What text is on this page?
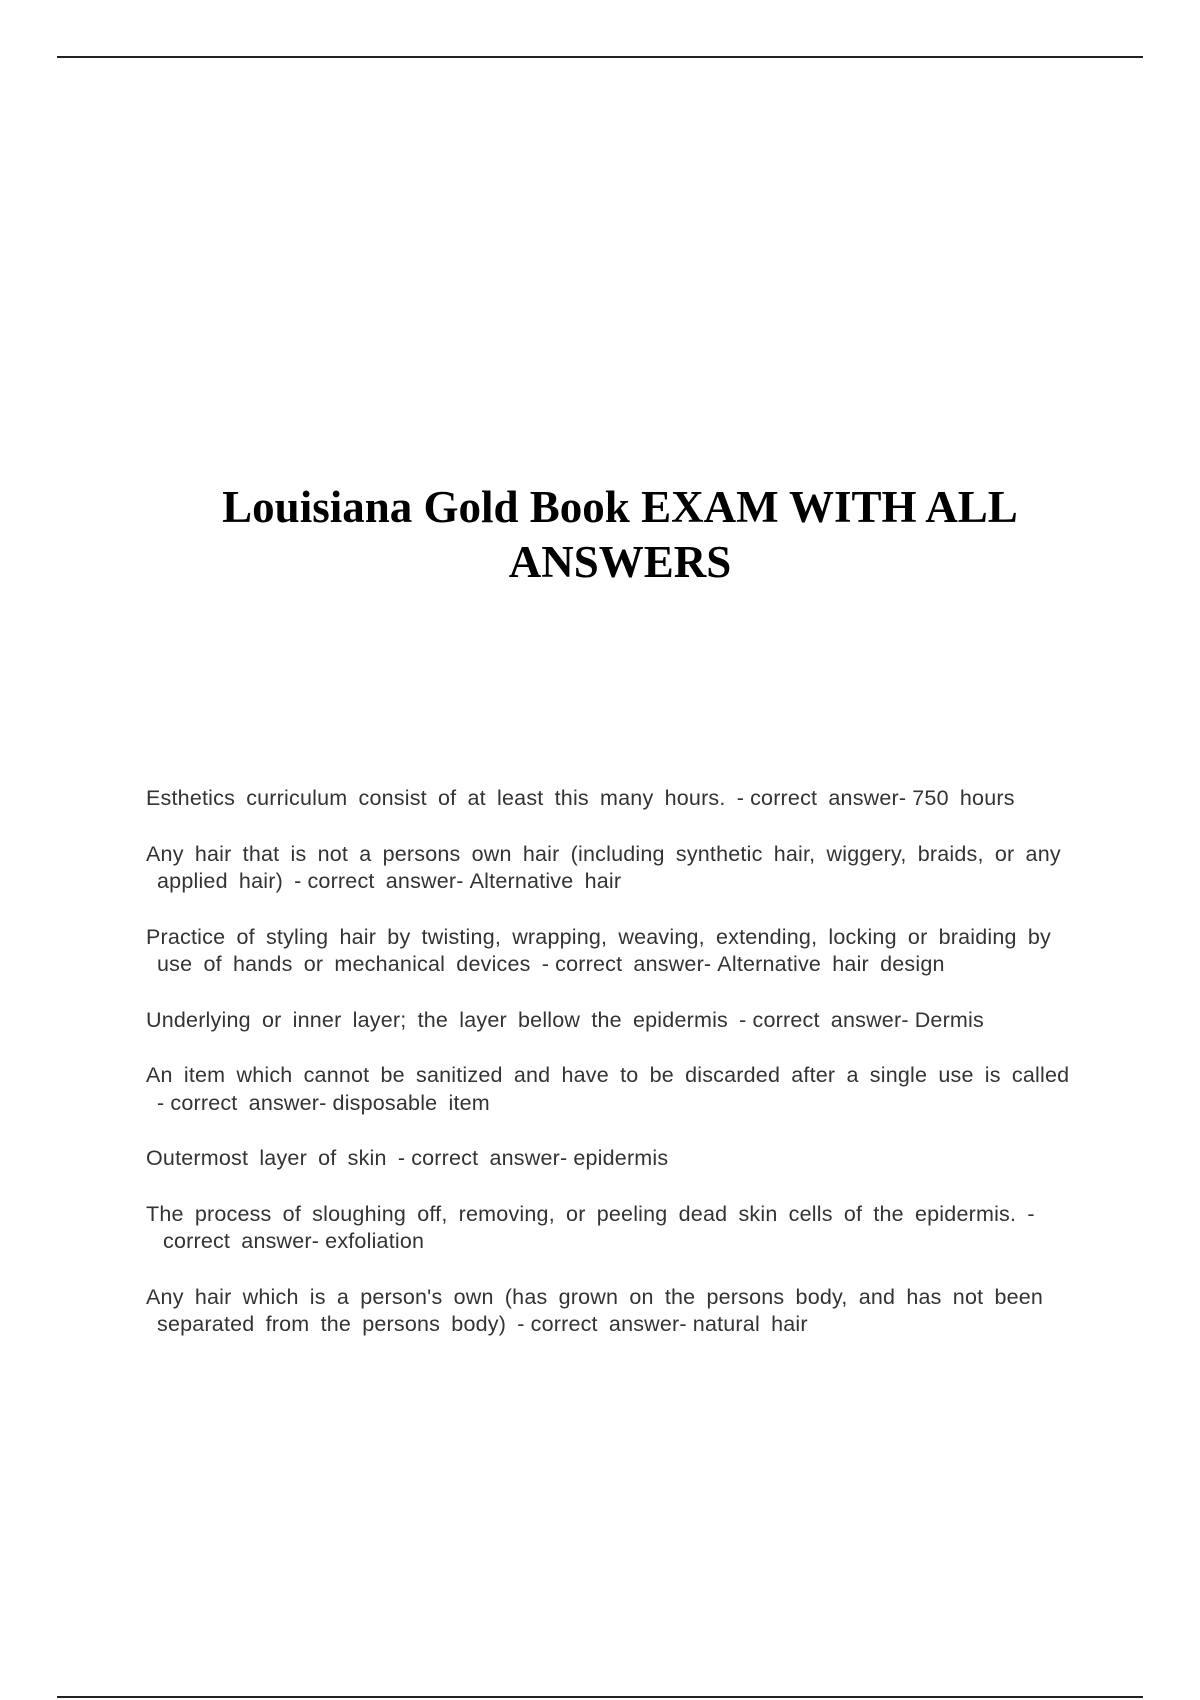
Louisiana Gold Book EXAM WITH ALL ANSWERS
Esthetics curriculum consist of at least this many hours. - correct answer- 750 hours
Any hair that is not a persons own hair (including synthetic hair, wiggery, braids, or any applied hair) - correct answer- Alternative hair
Practice of styling hair by twisting, wrapping, weaving, extending, locking or braiding by use of hands or mechanical devices - correct answer- Alternative hair design
Underlying or inner layer; the layer bellow the epidermis - correct answer- Dermis
An item which cannot be sanitized and have to be discarded after a single use is called - correct answer- disposable item
Outermost layer of skin - correct answer- epidermis
The process of sloughing off, removing, or peeling dead skin cells of the epidermis. -correct answer- exfoliation
Any hair which is a person's own (has grown on the persons body, and has not been separated from the persons body) - correct answer- natural hair
